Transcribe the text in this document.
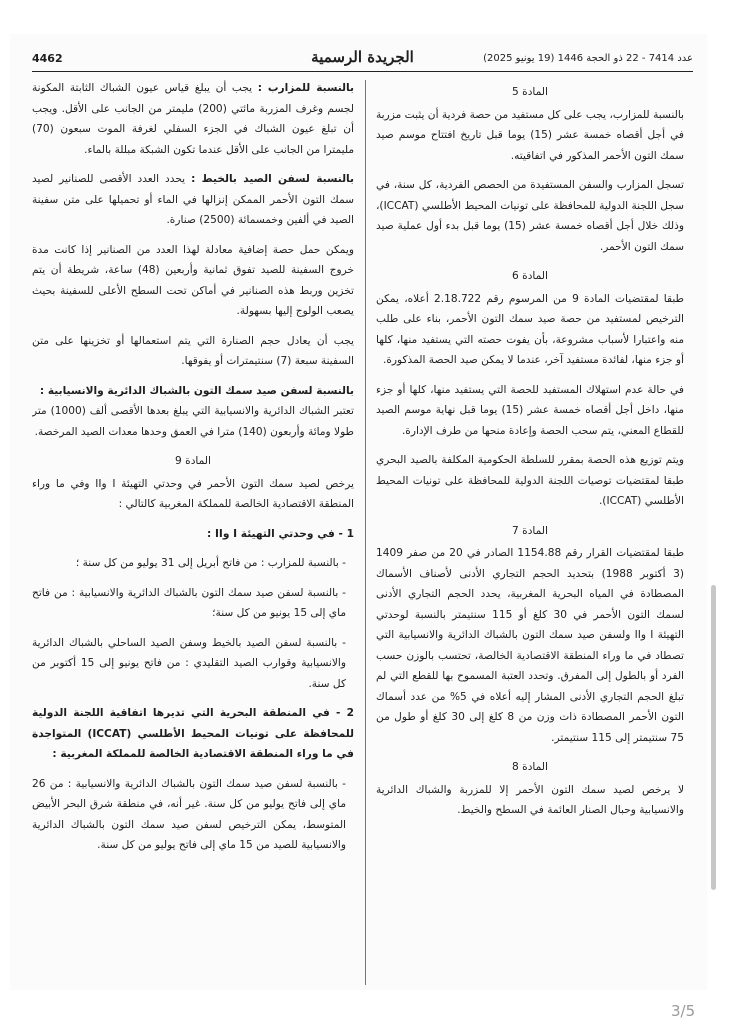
4462	الجريدة الرسمية	عدد 7414 - 22 ذو الحجة 1446 (19 يونيو 2025)
المادة 5

بالنسبة للمزارب، يجب على كل مستفيد من حصة فردية أن يثبت مزربة في أجل أقصاه خمسة عشر (15) يوما قبل تاريخ افتتاح موسم صيد سمك التون الأحمر المذكور في اتفاقيته.

تسجل المزارب والسفن المستفيدة من الحصص الفردية، كل سنة، في سجل اللجنة الدولية للمحافظة على تونيات المحيط الأطلسي (ICCAT)، وذلك خلال أجل أقصاه خمسة عشر (15) يوما قبل بدء أول عملية صيد سمك التون الأحمر.

المادة 6

طبقا لمقتضيات المادة 9 من المرسوم رقم 2.18.722 أعلاه، يمكن الترخيص لمستفيد من حصة صيد سمك التون الأحمر، بناء على طلب منه واعتبارا لأسباب مشروعة، بأن يفوت حصته التي يستفيد منها، كلها أو جزء منها، لفائدة مستفيد آخر، عندما لا يمكن صيد الحصة المذكورة.

في حالة عدم استهلاك المستفيد للحصة التي يستفيد منها، كلها أو جزء منها، داخل أجل أقصاه خمسة عشر (15) يوما قبل نهاية موسم الصيد للقطاع المعني، يتم سحب الحصة وإعادة منحها من طرف الإدارة.

ويتم توزيع هذه الحصة بمقرر للسلطة الحكومية المكلفة بالصيد البحري طبقا لمقتضيات توصيات اللجنة الدولية للمحافظة على تونيات المحيط الأطلسي (ICCAT).

المادة 7

طبقا لمقتضيات القرار رقم 1154.88 الصادر في 20 من صفر 1409 (3 أكتوبر 1988) بتحديد الحجم التجاري الأدنى لأصناف الأسماك المصطادة في المياه البحرية المغربية، يحدد الحجم التجاري الأدنى لسمك التون الأحمر في 30 كلغ أو 115 سنتيمتر بالنسبة لوحدتي التهيئة I وII ولسفن صيد سمك التون بالشباك الدائرية والانسيابية التي تصطاد في ما وراء المنطقة الاقتصادية الخالصة، تحتسب بالوزن حسب الفرد أو بالطول إلى المفرق. وتحدد العتبة المسموح بها للقطع التي لم تبلغ الحجم التجاري الأدنى المشار إليه أعلاه في 5% من عدد أسماك التون الأحمر المصطادة ذات وزن من 8 كلغ إلى 30 كلغ أو طول من 75 سنتيمتر إلى 115 سنتيمتر.

المادة 8

لا يرخص لصيد سمك التون الأحمر إلا للمزربة والشباك الدائرية والانسيابية وحبال الصنار العائمة في السطح والخيط.

بالنسبة للمزارب : يجب أن يبلغ قياس عيون الشباك الثابتة المكونة لجسم وغرف المزربة مائتي (200) مليمتر من الجانب على الأقل. ويجب أن تبلغ عيون الشباك في الجزء السفلي لغرفة الموت سبعون (70) مليمترا من الجانب على الأقل عندما تكون الشبكة مبللة بالماء.

بالنسبة لسفن الصيد بالخيط : يحدد العدد الأقصى للصنانير لصيد سمك التون الأحمر الممكن إنزالها في الماء أو تحميلها على متن سفينة الصيد في ألفين وخمسمائة (2500) صنارة.

ويمكن حمل حصة إضافية معادلة لهذا العدد من الصنانير إذا كانت مدة خروج السفينة للصيد تفوق ثمانية وأربعين (48) ساعة، شريطة أن يتم تخزين وربط هذه الصنانير في أماكن تحت السطح الأعلى للسفينة بحيث يصعب الولوج إليها بسهولة.

يجب أن يعادل حجم الصنارة التي يتم استعمالها أو تخزينها على متن السفينة سبعة (7) سنتيمترات أو يفوقها.

بالنسبة لسفن صيد سمك التون بالشباك الدائرية والانسيابية :
تعتبر الشباك الدائرية والانسيابية التي يبلغ بعدها الأقصى ألف (1000) متر طولا ومائة وأربعون (140) مترا في العمق وحدها معدات الصيد المرخصة.

المادة 9

يرخص لصيد سمك التون الأحمر في وحدتي التهيئة I وII وفي ما وراء المنطقة الاقتصادية الخالصة للمملكة المغربية كالتالي :

1 - في وحدتي التهيئة I وII :

- بالنسبة للمزارب : من فاتح أبريل إلى 31 يوليو من كل سنة ؛

- بالنسبة لسفن صيد سمك التون بالشباك الدائرية والانسيابية : من فاتح ماي إلى 15 يونيو من كل سنة؛

- بالنسبة لسفن الصيد بالخيط وسفن الصيد الساحلي بالشباك الدائرية والانسيابية وقوارب الصيد التقليدي : من فاتح يونيو إلى 15 أكتوبر من كل سنة.

2 - في المنطقة البحرية التي تديرها اتفاقية اللجنة الدولية للمحافظة على تونيات المحيط الأطلسي (ICCAT) المتواجدة في ما وراء المنطقة الاقتصادية الخالصة للمملكة المغربية :

- بالنسبة لسفن صيد سمك التون بالشباك الدائرية والانسيابية : من 26 ماي إلى فاتح يوليو من كل سنة. غير أنه، في منطقة شرق البحر الأبيض المتوسط، يمكن الترخيص لسفن صيد سمك التون بالشباك الدائرية والانسيابية للصيد من 15 ماي إلى فاتح يوليو من كل سنة.

3/5
